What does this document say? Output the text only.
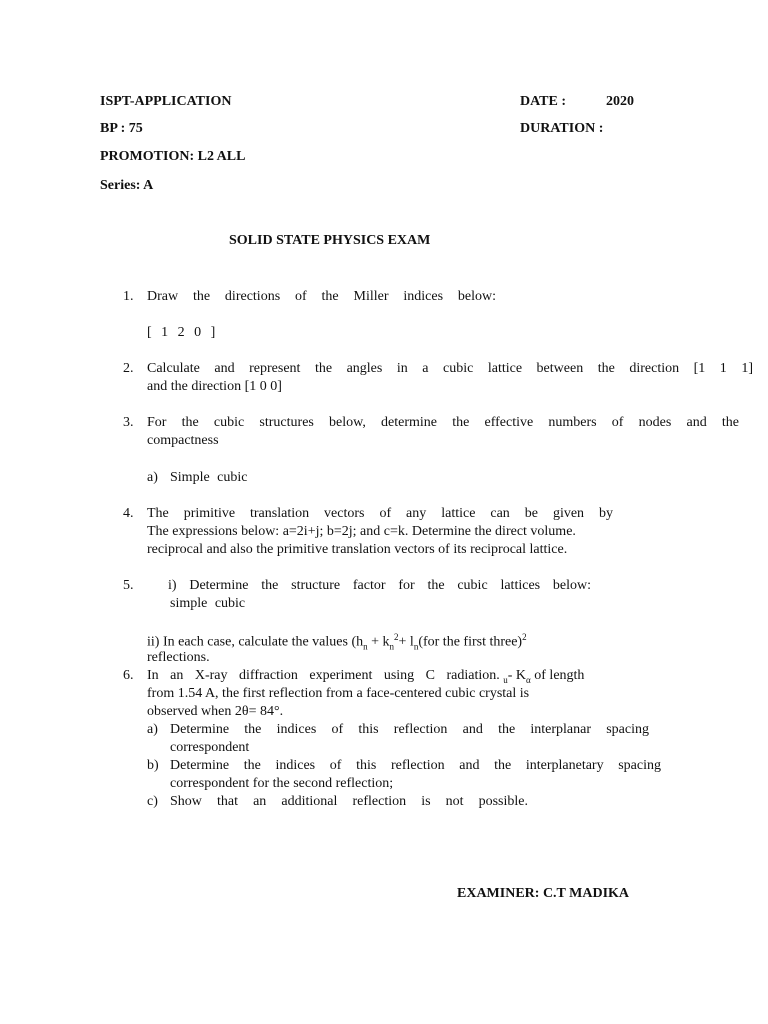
ISPT-APPLICATION
BP : 75
PROMOTION: L2 ALL
Series: A
DATE :	2020
DURATION :
SOLID STATE PHYSICS EXAM
1. Draw the directions of the Miller indices below:
[ 1 2 0 ]
2. Calculate and represent the angles in a cubic lattice between the direction [1 1 1]
and the direction [1 0 0]
3. For the cubic structures below, determine the effective numbers of nodes and the
compactness
a) Simple cubic
4. The primitive translation vectors of any lattice can be given by
The expressions below: a=2i+j; b=2j; and c=k. Determine the direct volume.
reciprocal and also the primitive translation vectors of its reciprocal lattice.
5. i) Determine the structure factor for the cubic lattices below:
simple cubic
ii) In each case, calculate the values ($h_n + k_n^2+ l_n(for$ the first three)$^2$
reflections.
6. In an X-ray diffraction experiment using C radiation. $_u$- $K_\alpha$ of length
from 1.54 A, the first reflection from a face-centered cubic crystal is
observed when 2θ= 84°.
a) Determine the indices of this reflection and the interplanar spacing
correspondent
b) Determine the indices of this reflection and the interplanetary spacing
correspondent for the second reflection;
c) Show that an additional reflection is not possible.
EXAMINER: C.T MADIKA
